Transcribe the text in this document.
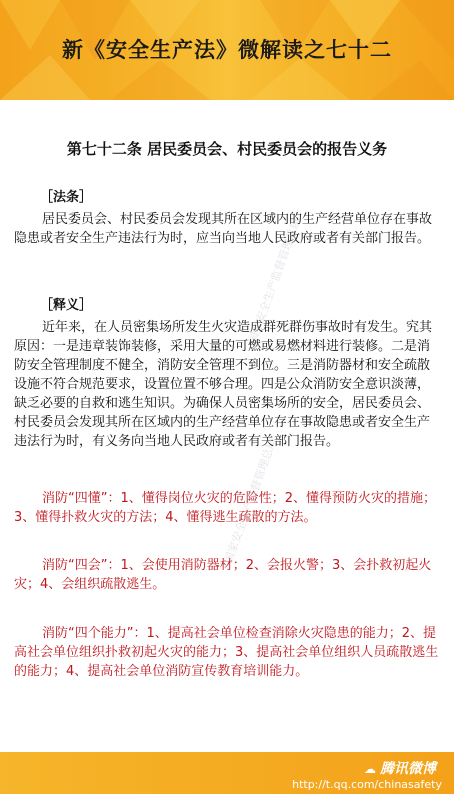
新《安全生产法》微解读之七十二
第七十二条 居民委员会、村民委员会的报告义务
［法条］
居民委员会、村民委员会发现其所在区域内的生产经营单位存在事故隐患或者安全生产违法行为时，应当向当地人民政府或者有关部门报告。
［释义］
近年来，在人员密集场所发生火灾造成群死群伤事故时有发生。究其原因：一是违章装饰装修，采用大量的可燃或易燃材料进行装修。二是消防安全管理制度不健全，消防安全管理不到位。三是消防器材和安全疏散设施不符合规范要求，设置位置不够合理。四是公众消防安全意识淡薄，缺乏必要的自救和逃生知识。为确保人员密集场所的安全，居民委员会、村民委员会发现其所在区域内的生产经营单位存在事故隐患或者安全生产违法行为时，有义务向当地人民政府或者有关部门报告。
消防“四懂”：1、懂得岗位火灾的危险性；2、懂得预防火灾的措施；3、懂得扑救火灾的方法；4、懂得逃生疏散的方法。
消防“四会”：1、会使用消防器材；2、会报火警；3、会扑救初起火灾；4、会组织疏散逃生。
消防“四个能力”：1、提高社会单位检查消除火灾隐患的能力；2、提高社会单位组织扑救初起火灾的能力；3、提高社会单位组织人员疏散逃生的能力；4、提高社会单位消防宣传教育培训能力。
国家安全生产监督管理总局
国家安全生产监督管理总局
☁ 腾讯微博
http://t.qq.com/chinasafety
